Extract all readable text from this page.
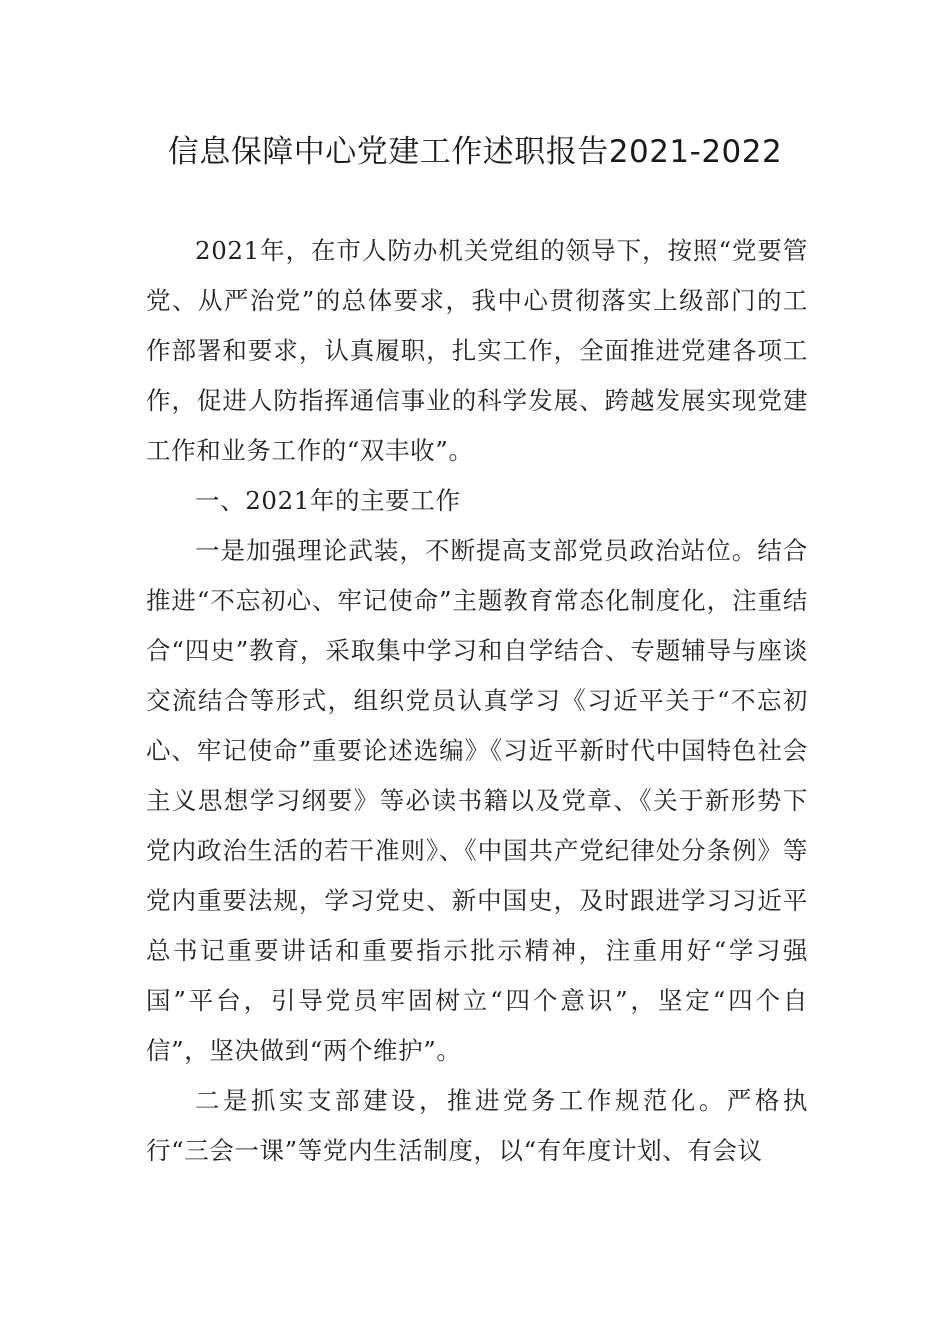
信息保障中心党建工作述职报告2021-2022

2021年，在市人防办机关党组的领导下，按照“党要管党、从严治党”的总体要求，我中心贯彻落实上级部门的工作部署和要求，认真履职，扎实工作，全面推进党建各项工作，促进人防指挥通信事业的科学发展、跨越发展实现党建工作和业务工作的“双丰收”。

一、2021年的主要工作

一是加强理论武装，不断提高支部党员政治站位。结合推进“不忘初心、牢记使命”主题教育常态化制度化，注重结合“四史”教育，采取集中学习和自学结合、专题辅导与座谈交流结合等形式，组织党员认真学习《习近平关于“不忘初心、牢记使命”重要论述选编》《习近平新时代中国特色社会主义思想学习纲要》等必读书籍以及党章、《关于新形势下党内政治生活的若干准则》、《中国共产党纪律处分条例》等党内重要法规，学习党史、新中国史，及时跟进学习习近平总书记重要讲话和重要指示批示精神，注重用好“学习强国”平台，引导党员牢固树立“四个意识”，坚定“四个自信”，坚决做到“两个维护”。

二是抓实支部建设，推进党务工作规范化。严格执行“三会一课”等党内生活制度，以“有年度计划、有会议
